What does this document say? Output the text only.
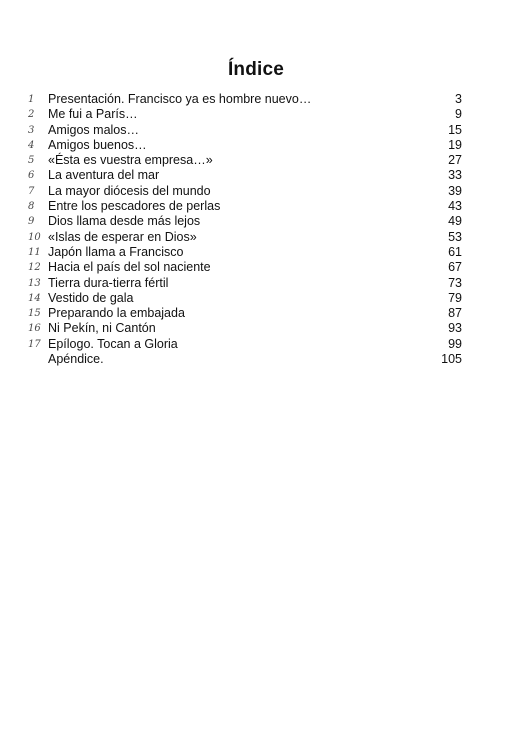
Índice
1	Presentación. Francisco ya es hombre nuevo…	3
2	Me fui a París…	9
3	Amigos malos…	15
4	Amigos buenos…	19
5	«Ésta es vuestra empresa…»	27
6	La aventura del mar	33
7	La mayor diócesis del mundo	39
8	Entre los pescadores de perlas	43
9	Dios llama desde más lejos	49
10 «Islas de esperar en Dios»	53
11 Japón llama a Francisco	61
12 Hacia el país del sol naciente	67
13 Tierra dura-tierra fértil	73
14 Vestido de gala	79
15 Preparando la embajada	87
16 Ni Pekín, ni Cantón	93
17 Epílogo. Tocan a Gloria	99
Apéndice.	105
